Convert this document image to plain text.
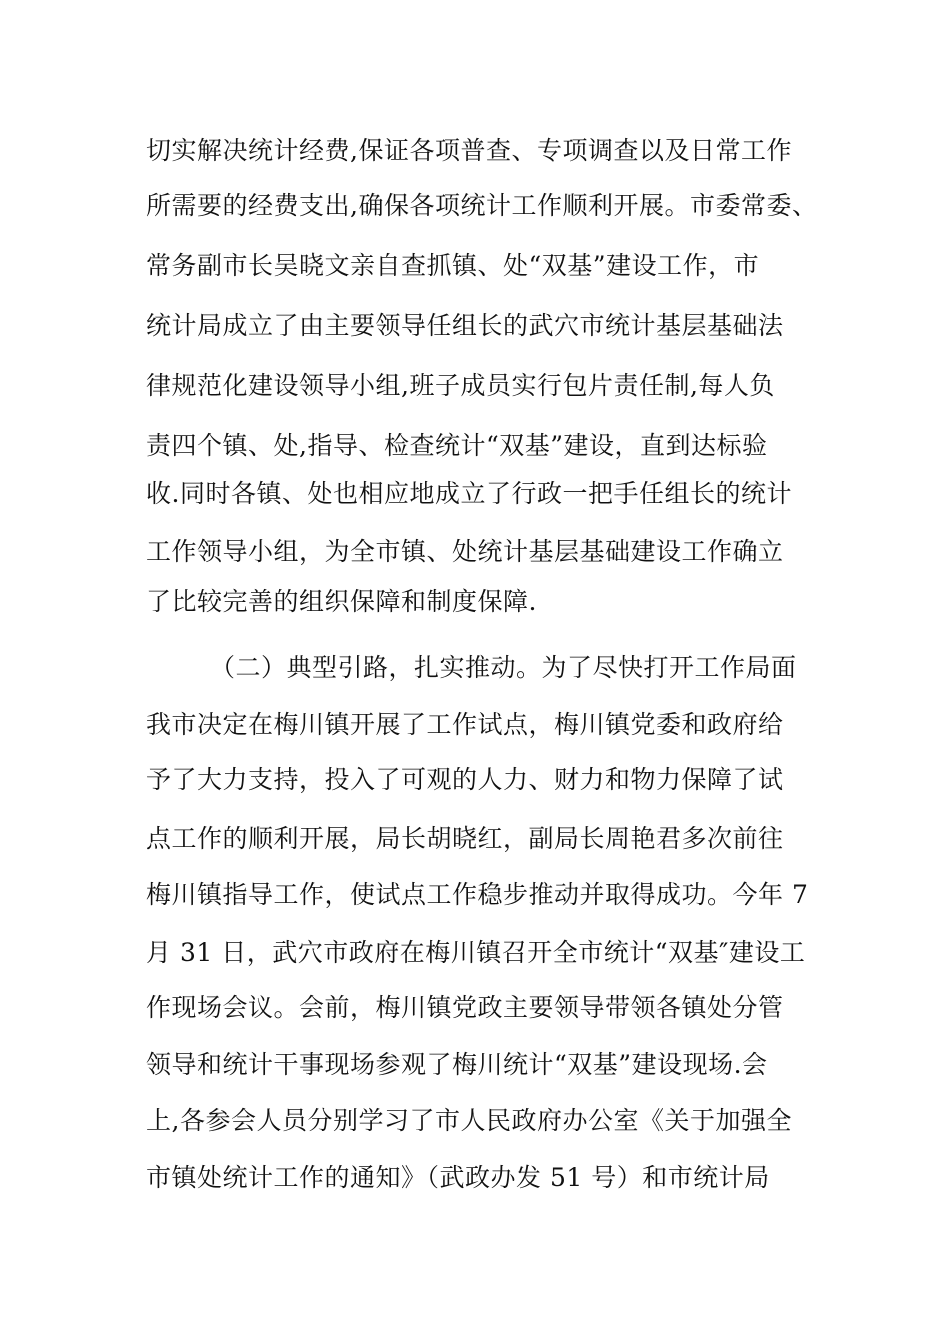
切实解决统计经费,保证各项普查、专项调查以及日常工作
所需要的经费支出,确保各项统计工作顺利开展。市委常委、
常务副市长吴晓文亲自查抓镇、处“双基”建设工作，市
统计局成立了由主要领导任组长的武穴市统计基层基础法
律规范化建设领导小组,班子成员实行包片责任制,每人负
责四个镇、处,指导、检查统计“双基”建设，直到达标验
收.同时各镇、处也相应地成立了行政一把手任组长的统计
工作领导小组，为全市镇、处统计基层基础建设工作确立
了比较完善的组织保障和制度保障.
（二）典型引路，扎实推动。为了尽快打开工作局面
我市决定在梅川镇开展了工作试点，梅川镇党委和政府给
予了大力支持，投入了可观的人力、财力和物力保障了试
点工作的顺利开展，局长胡晓红，副局长周艳君多次前往
梅川镇指导工作，使试点工作稳步推动并取得成功。今年 7
月 31 日，武穴市政府在梅川镇召开全市统计“双基″建设工
作现场会议。会前，梅川镇党政主要领导带领各镇处分管
领导和统计干事现场参观了梅川统计“双基”建设现场.会
上,各参会人员分别学习了市人民政府办公室《关于加强全
市镇处统计工作的通知》（武政办发 51 号）和市统计局
